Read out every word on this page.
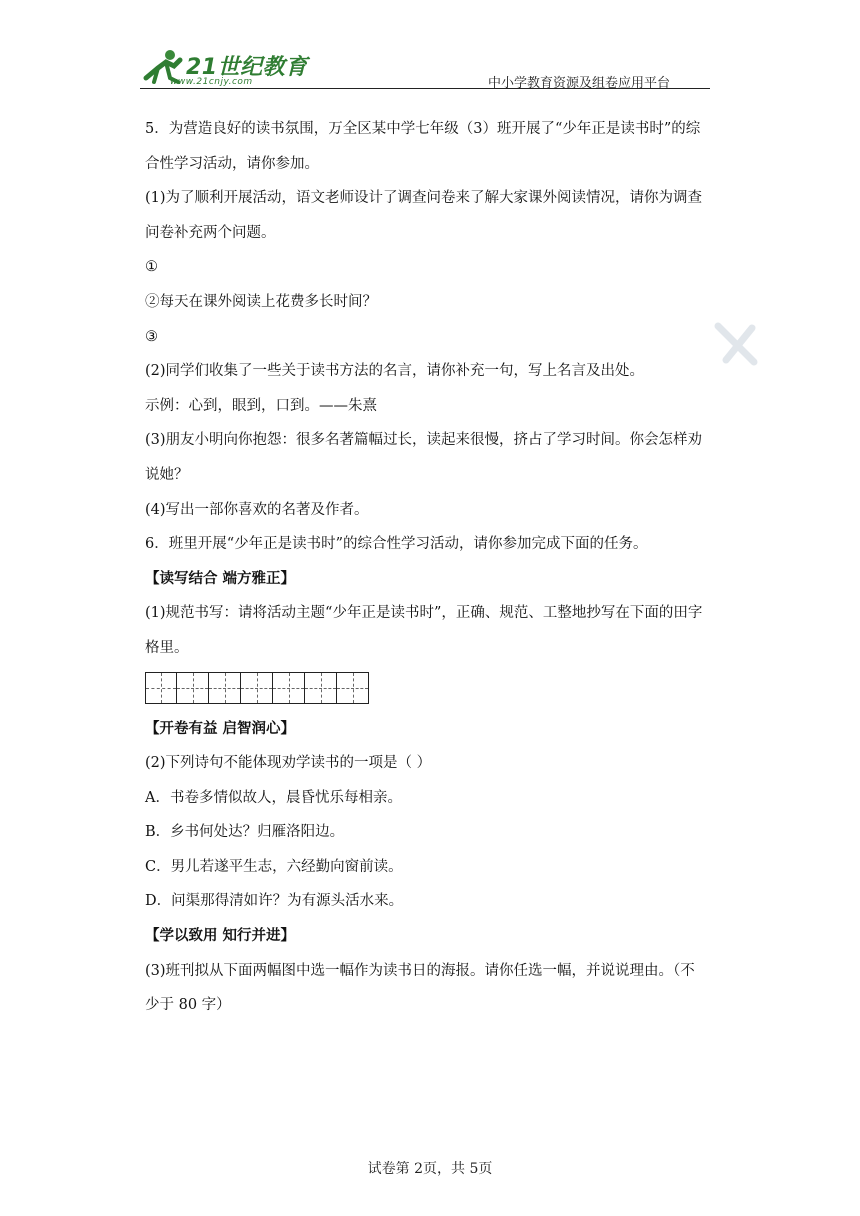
21世纪教育
www.21cnjy.com	中小学教育资源及组卷应用平台
5．为营造良好的读书氛围，万全区某中学七年级（3）班开展了“少年正是读书时”的综
合性学习活动，请你参加。
(1)为了顺利开展活动，语文老师设计了调查问卷来了解大家课外阅读情况，请你为调查
问卷补充两个问题。
①
②每天在课外阅读上花费多长时间？
③
(2)同学们收集了一些关于读书方法的名言，请你补充一句，写上名言及出处。
示例：心到，眼到，口到。——朱熹
(3)朋友小明向你抱怨：很多名著篇幅过长，读起来很慢，挤占了学习时间。你会怎样劝
说她？
(4)写出一部你喜欢的名著及作者。
6．班里开展“少年正是读书时”的综合性学习活动，请你参加完成下面的任务。
【读写结合 端方雅正】
(1)规范书写：请将活动主题“少年正是读书时”，正确、规范、工整地抄写在下面的田字
格里。
【开卷有益 启智润心】
(2)下列诗句不能体现劝学读书的一项是（ ）
A．书卷多情似故人，晨昏忧乐每相亲。
B．乡书何处达？归雁洛阳边。
C．男儿若遂平生志，六经勤向窗前读。
D．问渠那得清如许？为有源头活水来。
【学以致用 知行并进】
(3)班刊拟从下面两幅图中选一幅作为读书日的海报。请你任选一幅，并说说理由。（不
少于 80 字）
试卷第 2页，共 5页
